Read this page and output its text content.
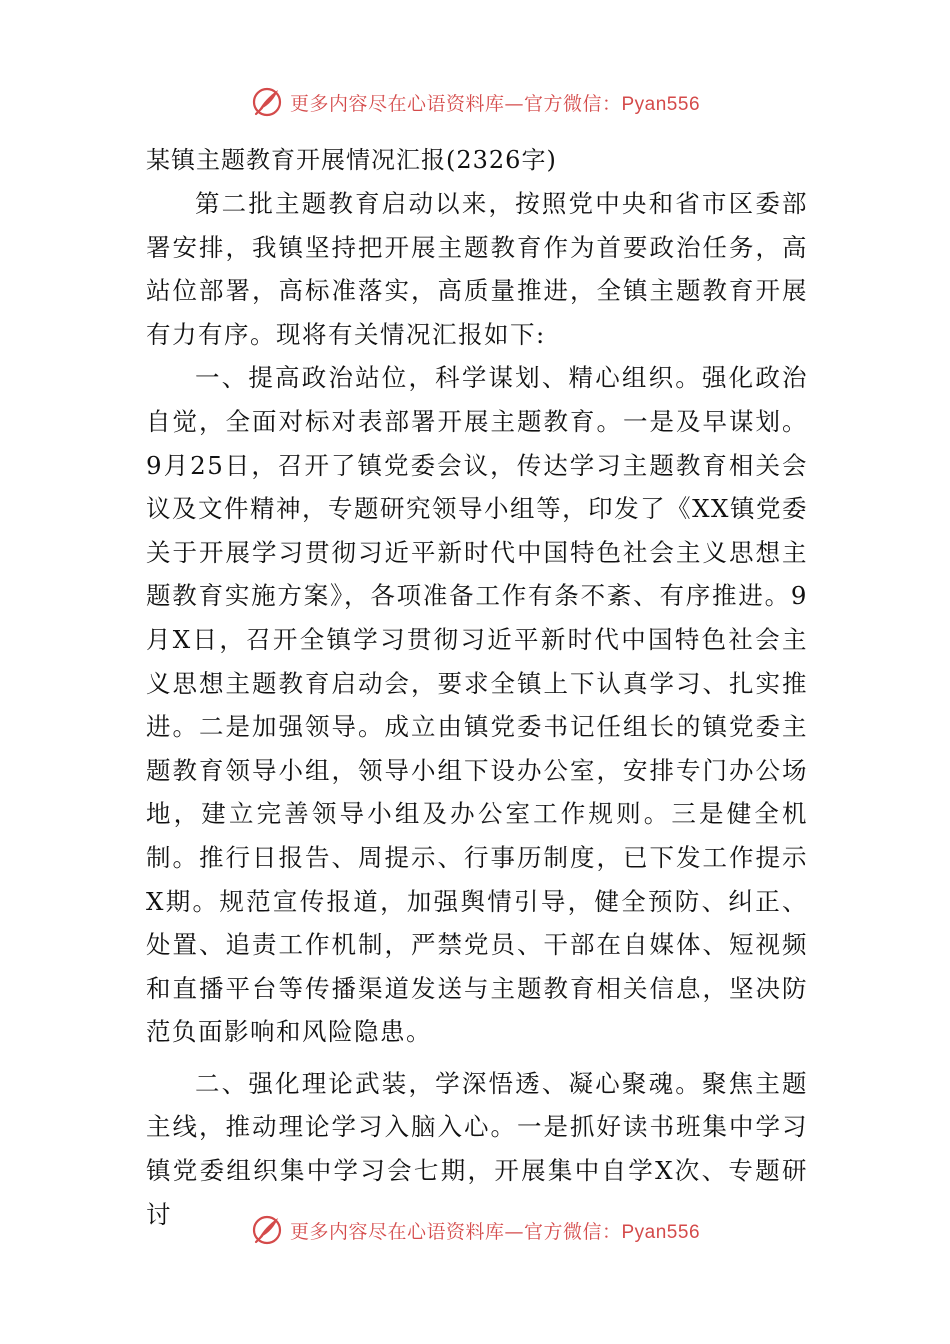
更多内容尽在心语资料库—官方微信：Pyan556
某镇主题教育开展情况汇报(2326字)

第二批主题教育启动以来，按照党中央和省市区委部署安排，我镇坚持把开展主题教育作为首要政治任务，高站位部署，高标准落实，高质量推进，全镇主题教育开展有力有序。现将有关情况汇报如下:

一、提高政治站位，科学谋划、精心组织。强化政治自觉，全面对标对表部署开展主题教育。一是及早谋划。9月25日，召开了镇党委会议，传达学习主题教育相关会议及文件精神，专题研究领导小组等，印发了《XX镇党委关于开展学习贯彻习近平新时代中国特色社会主义思想主题教育实施方案》，各项准备工作有条不紊、有序推进。9月X日，召开全镇学习贯彻习近平新时代中国特色社会主义思想主题教育启动会，要求全镇上下认真学习、扎实推进。二是加强领导。成立由镇党委书记任组长的镇党委主题教育领导小组，领导小组下设办公室，安排专门办公场地，建立完善领导小组及办公室工作规则。三是健全机制。推行日报告、周提示、行事历制度，已下发工作提示X期。规范宣传报道，加强舆情引导，健全预防、纠正、处置、追责工作机制，严禁党员、干部在自媒体、短视频和直播平台等传播渠道发送与主题教育相关信息，坚决防范负面影响和风险隐患。

二、强化理论武装，学深悟透、凝心聚魂。聚焦主题主线，推动理论学习入脑入心。一是抓好读书班集中学习镇党委组织集中学习会七期，开展集中自学X次、专题研讨

更多内容尽在心语资料库—官方微信：Pyan556
